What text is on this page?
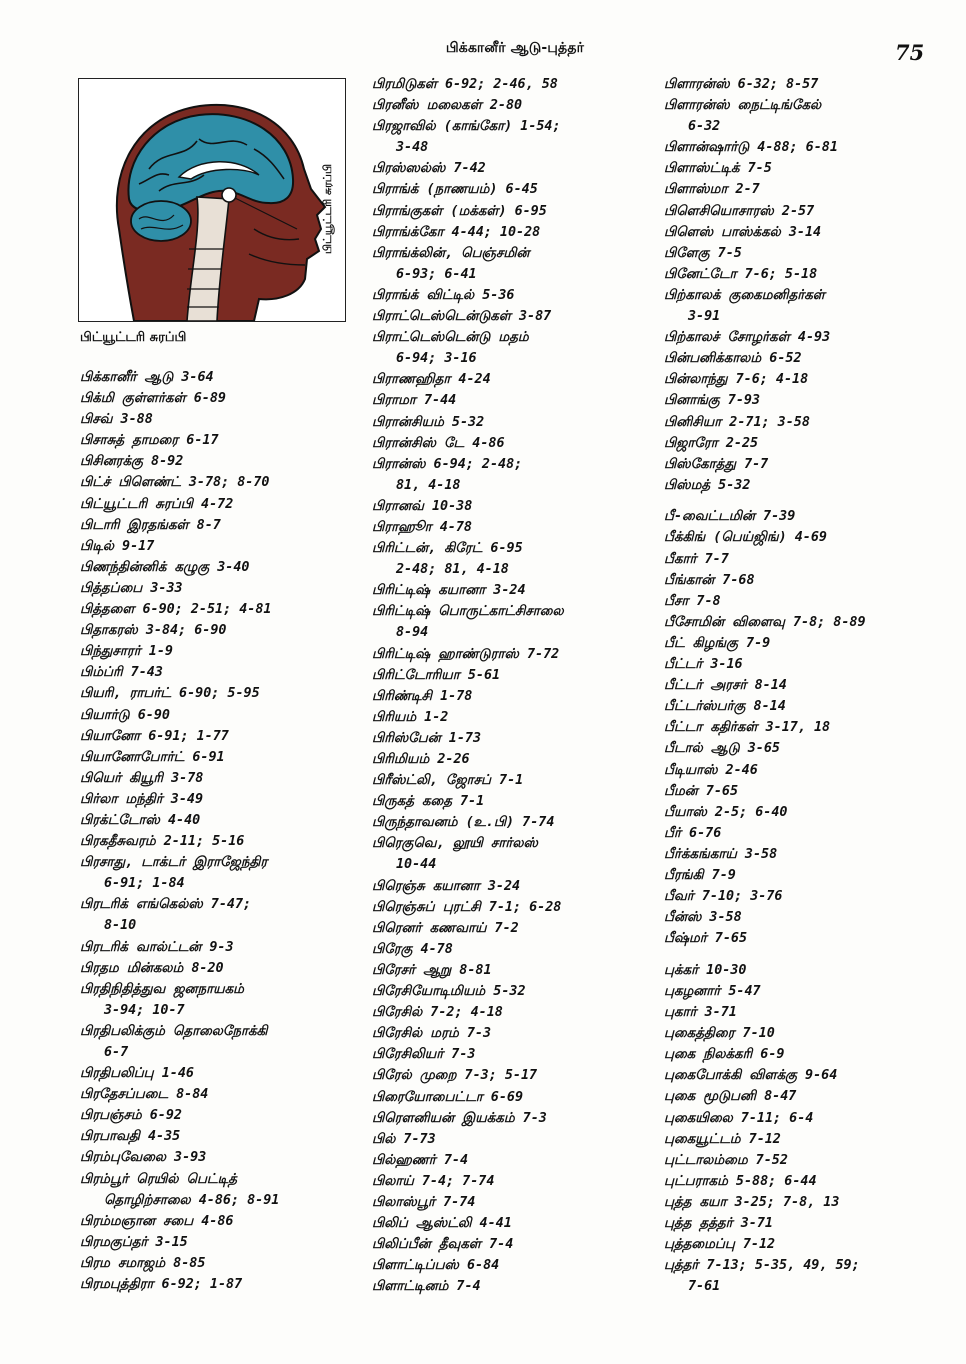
பிக்கானீர் ஆடு-புத்தர்	75
பிட்யூட்டரி சுரப்பி
பிட்யூட்டரி சுரப்பி
பிக்கானீர் ஆடு 3-64
பிக்மி குள்ளர்கள் 6-89
பிசவ் 3-88
பிசாசுத் தாமரை 6-17
பிசினரக்கு 8-92
பிட்ச் பிளெண்ட் 3-78; 8-70
பிட்யூட்டரி சுரப்பி 4-72
பிடாரி இரதங்கள் 8-7
பிடில் 9-17
பிணந்தின்னிக் கழுகு 3-40
பித்தப்பை 3-33
பித்தளை 6-90; 2-51; 4-81
பிதாகரஸ் 3-84; 6-90
பிந்துசாரர் 1-9
பிம்ப்ரி 7-43
பியரி, ராபர்ட் 6-90; 5-95
பியார்டு 6-90
பியானோ 6-91; 1-77
பியானோபோர்ட் 6-91
பியெர் கியூரி 3-78
பிர்லா மந்திர் 3-49
பிரக்ட்டோஸ் 4-40
பிரகதீசுவரம் 2-11; 5-16
பிரசாது, டாக்டர் இராஜேந்திர
6-91; 1-84
பிரடரிக் எங்கெல்ஸ் 7-47;
8-10
பிரடரிக் வால்ட்டன் 9-3
பிரதம மின்கலம் 8-20
பிரதிநிதித்துவ ஜனநாயகம்
3-94; 10-7
பிரதிபலிக்கும் தொலைநோக்கி
6-7
பிரதிபலிப்பு 1-46
பிரதேசப்படை 8-84
பிரபஞ்சம் 6-92
பிரபாவதி 4-35
பிரம்புவேலை 3-93
பிரம்பூர் ரெயில் பெட்டித்
தொழிற்சாலை 4-86; 8-91
பிரம்மஞான சபை 4-86
பிரமகுப்தர் 3-15
பிரம சமாஜம் 8-85
பிரமபுத்திரா 6-92; 1-87
பிரமிடுகள் 6-92; 2-46, 58
பிரனீஸ் மலைகள் 2-80
பிரஜாவில் (காங்கோ) 1-54;
3-48
பிரஸ்ஸல்ஸ் 7-42
பிராங்க் (நாணயம்) 6-45
பிராங்குகள் (மக்கள்) 6-95
பிராங்க்கோ 4-44; 10-28
பிராங்க்லின், பெஞ்சமின்
6-93; 6-41
பிராங்க் விட்டில் 5-36
பிராட்டெஸ்டென்டுகள் 3-87
பிராட்டெஸ்டென்டு மதம்
6-94; 3-16
பிராணஹிதா 4-24
பிராமா 7-44
பிரான்சியம் 5-32
பிரான்சிஸ் டே 4-86
பிரான்ஸ் 6-94; 2-48;
81, 4-18
பிரானவ் 10-38
பிராஹூா 4-78
பிரிட்டன், கிரேட் 6-95
2-48; 81, 4-18
பிரிட்டிஷ் கயானா 3-24
பிரிட்டிஷ் பொருட்காட்சிசாலை
8-94
பிரிட்டிஷ் ஹாண்டுராஸ் 7-72
பிரிட்டோரியா 5-61
பிரிண்டிசி 1-78
பிரியம் 1-2
பிரிஸ்பேன் 1-73
பிரிமியம் 2-26
பிரீஸ்ட்லி, ஜோசப் 7-1
பிருகத் கதை 7-1
பிருந்தாவனம் (உ.பி) 7-74
பிரெகுவெ, லூயி சார்லஸ்
10-44
பிரெஞ்சு கயானா 3-24
பிரெஞ்சுப் புரட்சி 7-1; 6-28
பிரெனர் கணவாய் 7-2
பிரேகு 4-78
பிரேசர் ஆறு 8-81
பிரேசியோடிமியம் 5-32
பிரேசில் 7-2; 4-18
பிரேசில் மரம் 7-3
பிரேசிலியர் 7-3
பிரேல் முறை 7-3; 5-17
பிரையோபைட்டா 6-69
பிரௌனியன் இயக்கம் 7-3
பில் 7-73
பில்ஹணர் 7-4
பிலாய் 7-4; 7-74
பிலாஸ்பூர் 7-74
பிலிப் ஆஸ்ட்லி 4-41
பிலிப்பீன் தீவுகள் 7-4
பிளாட்டிப்பஸ் 6-84
பிளாட்டினம் 7-4
பிளாரன்ஸ் 6-32; 8-57
பிளாரன்ஸ் நைட்டிங்கேல்
6-32
பிளான்ஷார்டு 4-88; 6-81
பிளாஸ்ட்டிக் 7-5
பிளாஸ்மா 2-7
பிளெசியொசாரஸ் 2-57
பிளெஸ் பாஸ்க்கல் 3-14
பிளேகு 7-5
பினேட்டோ 7-6; 5-18
பிற்காலக் குகைமனிதர்கள்
3-91
பிற்காலச் சோழர்கள் 4-93
பின்பனிக்காலம் 6-52
பின்லாந்து 7-6; 4-18
பினாங்கு 7-93
பினிசியா 2-71; 3-58
பிஜாரோ 2-25
பிஸ்கோத்து 7-7
பிஸ்மத் 5-32
பீ-வைட்டமின் 7-39
பீக்கிங் (பெய்ஜிங்) 4-69
பீகார் 7-7
பீங்கான் 7-68
பீசா 7-8
பீசோமின் விளைவு 7-8; 8-89
பீட் கிழங்கு 7-9
பீட்டர் 3-16
பீட்டர் அரசர் 8-14
பீட்டர்ஸ்பர்கு 8-14
பீட்டா கதிர்கள் 3-17, 18
பீடால் ஆடு 3-65
பீடியாஸ் 2-46
பீமன் 7-65
பீயாஸ் 2-5; 6-40
பீர் 6-76
பீர்க்கங்காய் 3-58
பீரங்கி 7-9
பீவர் 7-10; 3-76
பீன்ஸ் 3-58
பீஷ்மர் 7-65
புக்கர் 10-30
புகழனார் 5-47
புகார் 3-71
புகைத்திரை 7-10
புகை நிலக்கரி 6-9
புகைபோக்கி விளக்கு 9-64
புகை மூடுபனி 8-47
புகையிலை 7-11; 6-4
புகையூட்டம் 7-12
புட்டாலம்மை 7-52
புட்பராகம் 5-88; 6-44
புத்த கயா 3-25; 7-8, 13
புத்த தத்தர் 3-71
புத்தமைப்பு 7-12
புத்தர் 7-13; 5-35, 49, 59;
7-61
